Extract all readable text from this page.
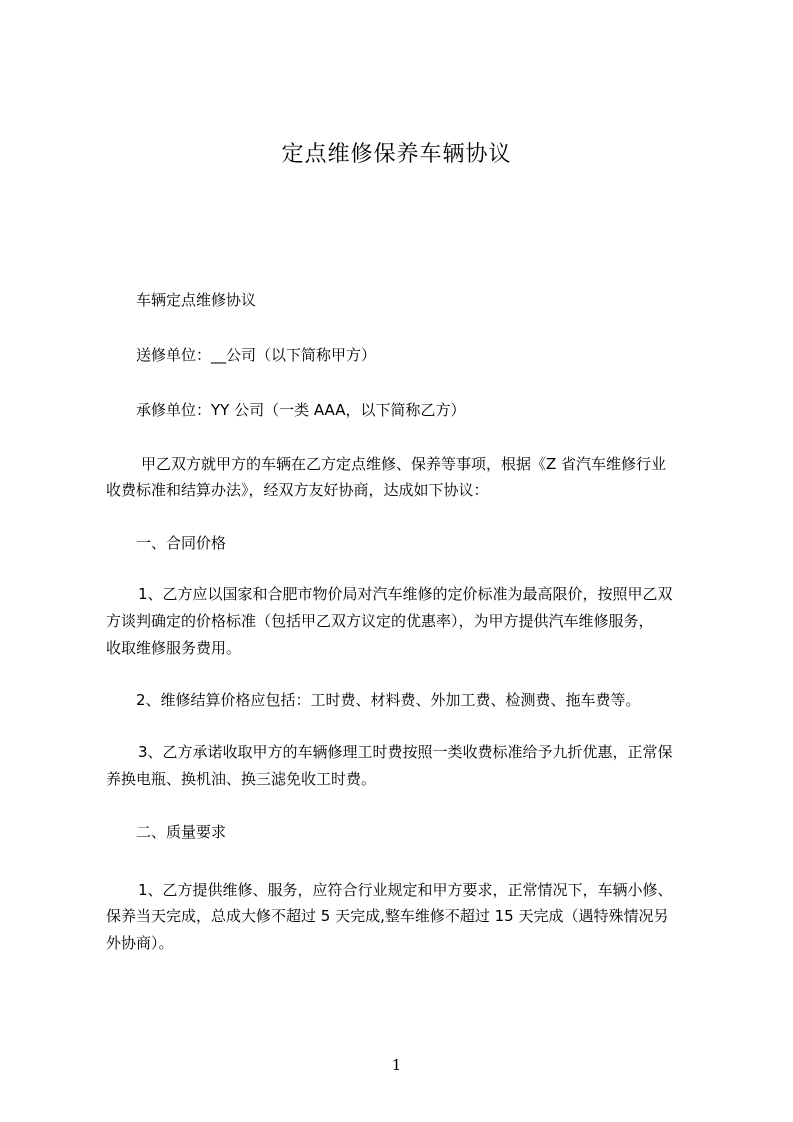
定点维修保养车辆协议
车辆定点维修协议
送修单位：__公司（以下简称甲方）
承修单位：YY 公司（一类 AAA，以下简称乙方）
甲乙双方就甲方的车辆在乙方定点维修、保养等事项，根据《Z 省汽车维修行业
收费标准和结算办法》，经双方友好协商，达成如下协议：
一、合同价格
1、乙方应以国家和合肥市物价局对汽车维修的定价标准为最高限价，按照甲乙双
方谈判确定的价格标准（包括甲乙双方议定的优惠率），为甲方提供汽车维修服务，
收取维修服务费用。
2、维修结算价格应包括：工时费、材料费、外加工费、检测费、拖车费等。
3、乙方承诺收取甲方的车辆修理工时费按照一类收费标准给予九折优惠，正常保
养换电瓶、换机油、换三滤免收工时费。
二、质量要求
1、乙方提供维修、服务，应符合行业规定和甲方要求，正常情况下，车辆小修、
保养当天完成，总成大修不超过 5 天完成,整车维修不超过 15 天完成（遇特殊情况另
外协商）。
1
